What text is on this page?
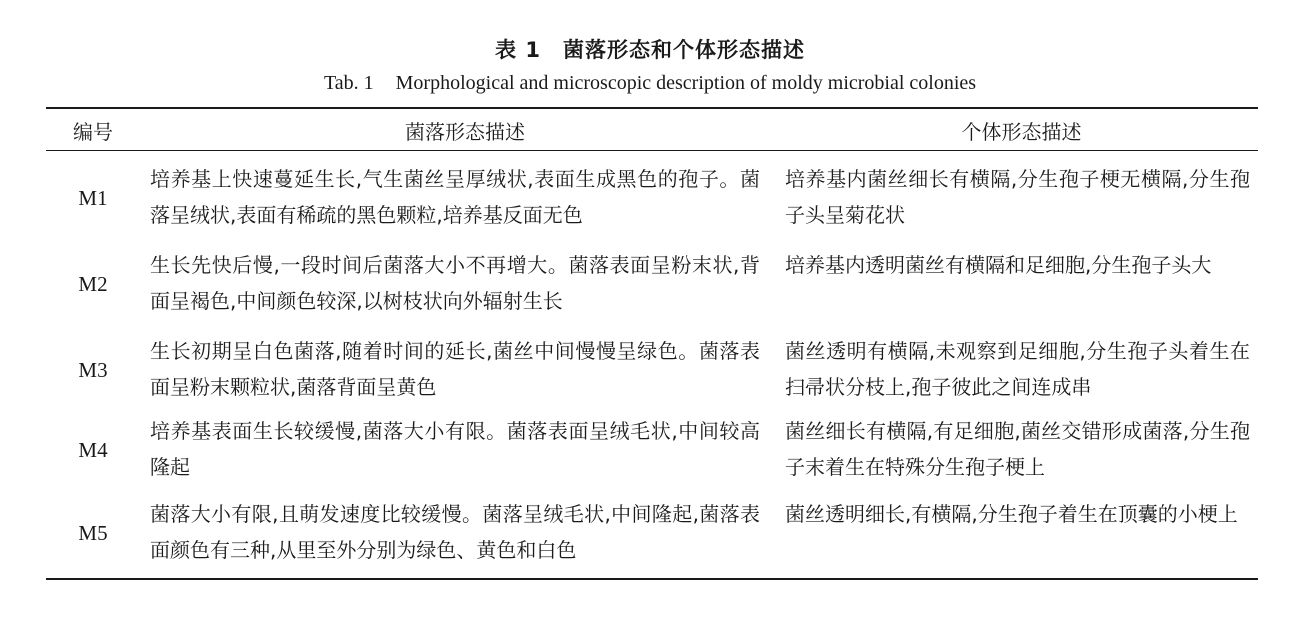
表 1 菌落形态和个体形态描述
Tab. 1 Morphological and microscopic description of moldy microbial colonies
编号	菌落形态描述	个体形态描述
M1
培养基上快速蔓延生长,气生菌丝呈厚绒状,表面生成黑色的孢子。菌落呈绒状,表面有稀疏的黑色颗粒,培养基反面无色
培养基内菌丝细长有横隔,分生孢子梗无横隔,分生孢子头呈菊花状
M2
生长先快后慢,一段时间后菌落大小不再增大。菌落表面呈粉末状,背面呈褐色,中间颜色较深,以树枝状向外辐射生长
培养基内透明菌丝有横隔和足细胞,分生孢子头大
M3
生长初期呈白色菌落,随着时间的延长,菌丝中间慢慢呈绿色。菌落表面呈粉末颗粒状,菌落背面呈黄色
菌丝透明有横隔,未观察到足细胞,分生孢子头着生在扫帚状分枝上,孢子彼此之间连成串
M4
培养基表面生长较缓慢,菌落大小有限。菌落表面呈绒毛状,中间较高隆起
菌丝细长有横隔,有足细胞,菌丝交错形成菌落,分生孢子末着生在特殊分生孢子梗上
M5
菌落大小有限,且萌发速度比较缓慢。菌落呈绒毛状,中间隆起,菌落表面颜色有三种,从里至外分别为绿色、黄色和白色
菌丝透明细长,有横隔,分生孢子着生在顶囊的小梗上
